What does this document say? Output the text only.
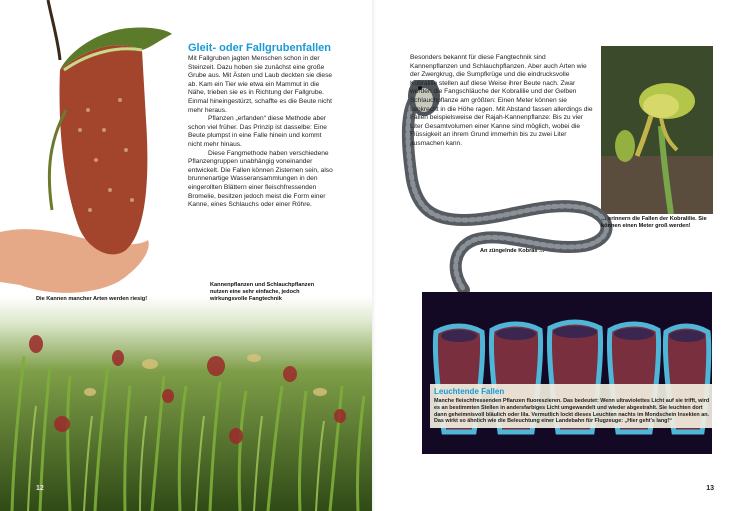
Gleit- oder Fallgrubenfallen

Mit Fallgruben jagten Menschen schon in der Steinzeit. Dazu hoben sie zunächst eine große Grube aus. Mit Ästen und Laub deckten sie diese ab. Kam ein Tier wie etwa ein Mammut in die Nähe, trieben sie es in Richtung der Fallgrube. Einmal hineingestürzt, schaffte es die Beute nicht mehr heraus.

Pflanzen „erfanden“ diese Methode aber schon viel früher. Das Prinzip ist dasselbe: Eine Beute plumpst in eine Falle hinein und kommt nicht mehr hinaus.

Diese Fangmethode haben verschiedene Pflanzengruppen unabhängig voneinander entwickelt. Die Fallen können Zisternen sein, also brunnenartige Wasseransammlungen in den eingerollten Blättern einer fleischfressenden Bromelie, besitzen jedoch meist die Form einer Kanne, eines Schlauchs oder einer Röhre.

Die Kannen mancher Arten werden riesig!
Kannenpflanzen und Schlauchpflanzen nutzen eine sehr einfache, jedoch wirkungsvolle Fangtechnik
12
Besonders bekannt für diese Fangtechnik sind Kannenpflanzen und Schlauchpflanzen. Aber auch Arten wie der Zwergkrug, die Sumpfkrüge und die eindrucksvolle Kobralilie stellen auf diese Weise ihrer Beute nach. Zwar werden die Fangschläuche der Kobralilie und der Gelben Schlauchpflanze am größten: Einen Meter können sie senkrecht in die Höhe ragen. Mit Abstand fassen allerdings die Fallen beispielsweise der Rajah-Kannenpflanze: Bis zu vier Liter Gesamtvolumen einer Kanne sind möglich, wobei die Flüssigkeit an ihrem Grund immerhin bis zu zwei Liter ausmachen kann.
… erinnern die Fallen der Kobralilie. Sie können einen Meter groß werden!
An züngelnde Kobras …

Leuchtende Fallen

Manche fleischfressenden Pflanzen fluoreszieren. Das bedeutet: Wenn ultraviolettes Licht auf sie trifft, wird es an bestimmten Stellen in andersfarbiges Licht umgewandelt und wieder abgestrahlt. Sie leuchten dort dann geheimnisvoll bläulich oder lila. Vermutlich lockt dieses Leuchten nachts im Mondschein Insekten an. Das wirkt so ähnlich wie die Beleuchtung einer Landebahn für Flugzeuge: „Hier geht’s lang!“

13
